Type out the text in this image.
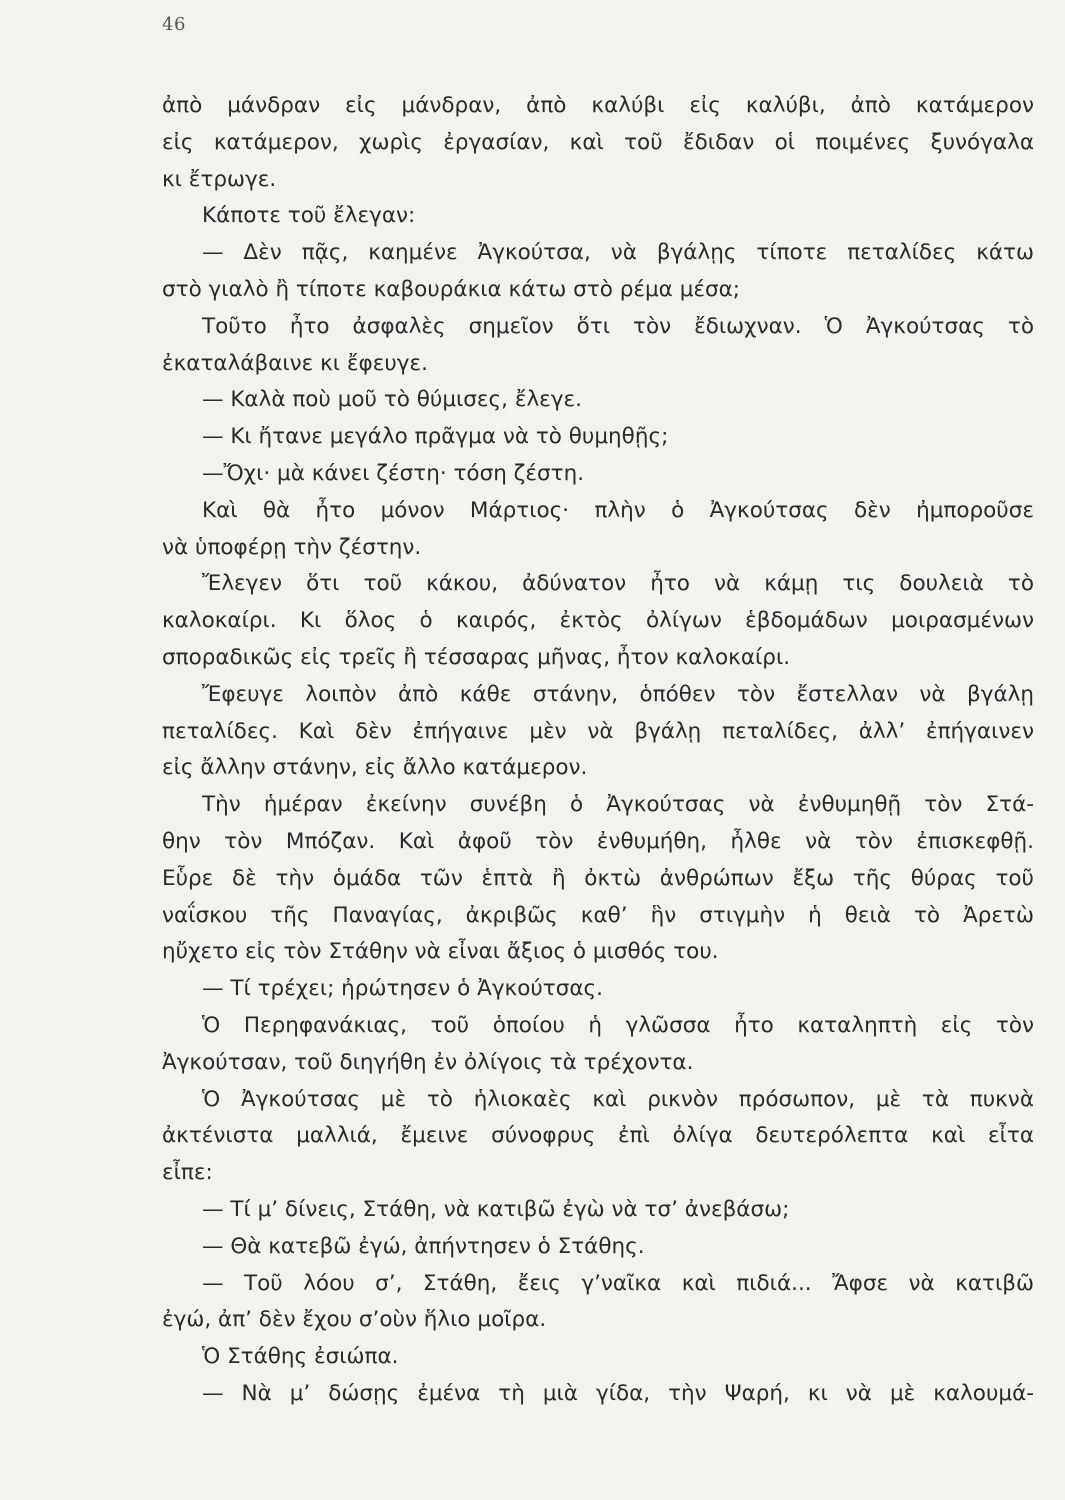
46
ἀπὸ μάνδραν εἰς μάνδραν, ἀπὸ καλύβι εἰς καλύβι, ἀπὸ κατάμερον
εἰς κατάμερον, χωρὶς ἐργασίαν, καὶ τοῦ ἔδιδαν οἱ ποιμένες ξυνόγαλα
κι ἔτρωγε.
Κάποτε τοῦ ἔλεγαν:
— Δὲν πᾷς, καημένε Ἀγκούτσα, νὰ βγάλῃς τίποτε πεταλίδες κάτω
στὸ γιαλὸ ἢ τίποτε καβουράκια κάτω στὸ ρέμα μέσα;
Τοῦτο ἦτο ἀσφαλὲς σημεῖον ὅτι τὸν ἔδιωχναν. Ὁ Ἀγκούτσας τὸ
ἐκαταλάβαινε κι ἔφευγε.
— Καλὰ ποὺ μοῦ τὸ θύμισες, ἔλεγε.
— Κι ἤτανε μεγάλο πρᾶγμα νὰ τὸ θυμηθῇς;
—Ὄχι· μὰ κάνει ζέστη· τόση ζέστη.
Καὶ θὰ ἦτο μόνον Μάρτιος· πλὴν ὁ Ἀγκούτσας δὲν ἠμποροῦσε
νὰ ὑποφέρῃ τὴν ζέστην.
Ἔλεγεν ὅτι τοῦ κάκου, ἀδύνατον ἦτο νὰ κάμῃ τις δουλειὰ τὸ
καλοκαίρι. Κι ὅλος ὁ καιρός, ἐκτὸς ὀλίγων ἑβδομάδων μοιρασμένων
σποραδικῶς εἰς τρεῖς ἢ τέσσαρας μῆνας, ἦτον καλοκαίρι.
Ἔφευγε λοιπὸν ἀπὸ κάθε στάνην, ὁπόθεν τὸν ἔστελλαν νὰ βγάλῃ
πεταλίδες. Καὶ δὲν ἐπήγαινε μὲν νὰ βγάλῃ πεταλίδες, ἀλλ’ ἐπήγαινεν
εἰς ἄλλην στάνην, εἰς ἄλλο κατάμερον.
Τὴν ἡμέραν ἐκείνην συνέβη ὁ Ἀγκούτσας νὰ ἐνθυμηθῇ τὸν Στά-
θην τὸν Μπόζαν. Καὶ ἀφοῦ τὸν ἐνθυμήθη, ἦλθε νὰ τὸν ἐπισκεφθῇ.
Εὗρε δὲ τὴν ὁμάδα τῶν ἑπτὰ ἢ ὀκτὼ ἀνθρώπων ἔξω τῆς θύρας τοῦ
ναΐσκου τῆς Παναγίας, ἀκριβῶς καθ’ ἣν στιγμὴν ἡ θειὰ τὸ Ἀρετὼ
ηὔχετο εἰς τὸν Στάθην νὰ εἶναι ἄξιος ὁ μισθός του.
— Τί τρέχει; ἠρώτησεν ὁ Ἀγκούτσας.
Ὁ Περηφανάκιας, τοῦ ὁποίου ἡ γλῶσσα ἦτο καταληπτὴ εἰς τὸν
Ἀγκούτσαν, τοῦ διηγήθη ἐν ὀλίγοις τὰ τρέχοντα.
Ὁ Ἀγκούτσας μὲ τὸ ἡλιοκαὲς καὶ ρικνὸν πρόσωπον, μὲ τὰ πυκνὰ
ἀκτένιστα μαλλιά, ἔμεινε σύνοφρυς ἐπὶ ὀλίγα δευτερόλεπτα καὶ εἶτα
εἶπε:
— Τί μ’ δίνεις, Στάθη, νὰ κατιβῶ ἐγὼ νὰ τσ’ ἀνεβάσω;
— Θὰ κατεβῶ ἐγώ, ἀπήντησεν ὁ Στάθης.
— Τοῦ λόου σ’, Στάθη, ἔεις γ’ναῖκα καὶ πιδιά... Ἄφσε νὰ κατιβῶ
ἐγώ, ἀπ’ δὲν ἔχου σ’οὺν ἥλιο μοῖρα.
Ὁ Στάθης ἐσιώπα.
— Νὰ μ’ δώσῃς ἐμένα τὴ μιὰ γίδα, τὴν Ψαρή, κι νὰ μὲ καλουμά-
